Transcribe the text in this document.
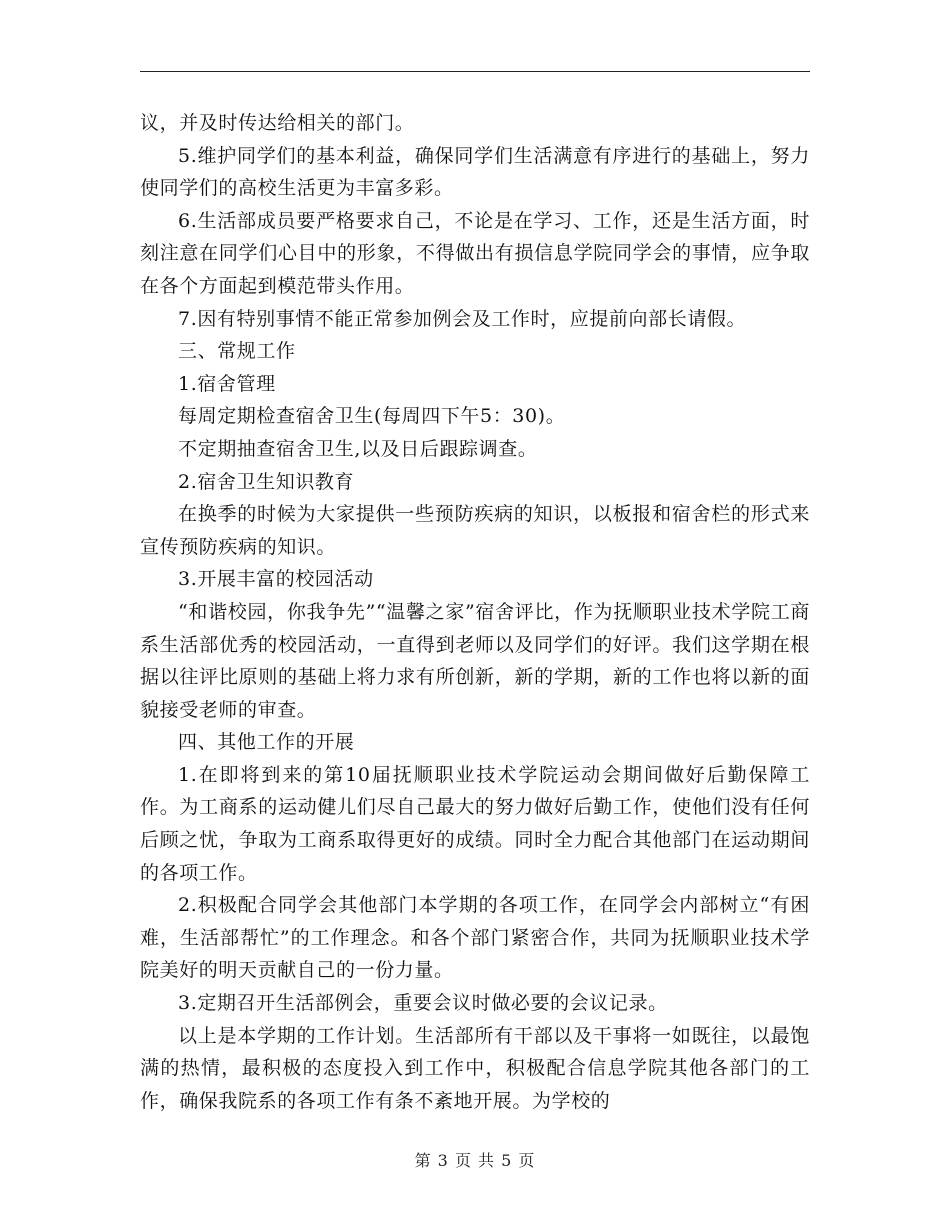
议，并及时传达给相关的部门。

5.维护同学们的基本利益，确保同学们生活满意有序进行的基础上，努力使同学们的高校生活更为丰富多彩。

6.生活部成员要严格要求自己，不论是在学习、工作，还是生活方面，时刻注意在同学们心目中的形象，不得做出有损信息学院同学会的事情，应争取在各个方面起到模范带头作用。

7.因有特别事情不能正常参加例会及工作时，应提前向部长请假。

三、常规工作

1.宿舍管理

每周定期检查宿舍卫生(每周四下午5：30)。

不定期抽查宿舍卫生,以及日后跟踪调查。

2.宿舍卫生知识教育

在换季的时候为大家提供一些预防疾病的知识，以板报和宿舍栏的形式来宣传预防疾病的知识。

3.开展丰富的校园活动

“和谐校园，你我争先”“温馨之家”宿舍评比，作为抚顺职业技术学院工商系生活部优秀的校园活动，一直得到老师以及同学们的好评。我们这学期在根据以往评比原则的基础上将力求有所创新，新的学期，新的工作也将以新的面貌接受老师的审查。

四、其他工作的开展

1.在即将到来的第10届抚顺职业技术学院运动会期间做好后勤保障工作。为工商系的运动健儿们尽自己最大的努力做好后勤工作，使他们没有任何后顾之忧，争取为工商系取得更好的成绩。同时全力配合其他部门在运动期间的各项工作。

2.积极配合同学会其他部门本学期的各项工作，在同学会内部树立“有困难，生活部帮忙”的工作理念。和各个部门紧密合作，共同为抚顺职业技术学院美好的明天贡献自己的一份力量。

3.定期召开生活部例会，重要会议时做必要的会议记录。

以上是本学期的工作计划。生活部所有干部以及干事将一如既往，以最饱满的热情，最积极的态度投入到工作中，积极配合信息学院其他各部门的工作，确保我院系的各项工作有条不紊地开展。为学校的

第 3 页 共 5 页
